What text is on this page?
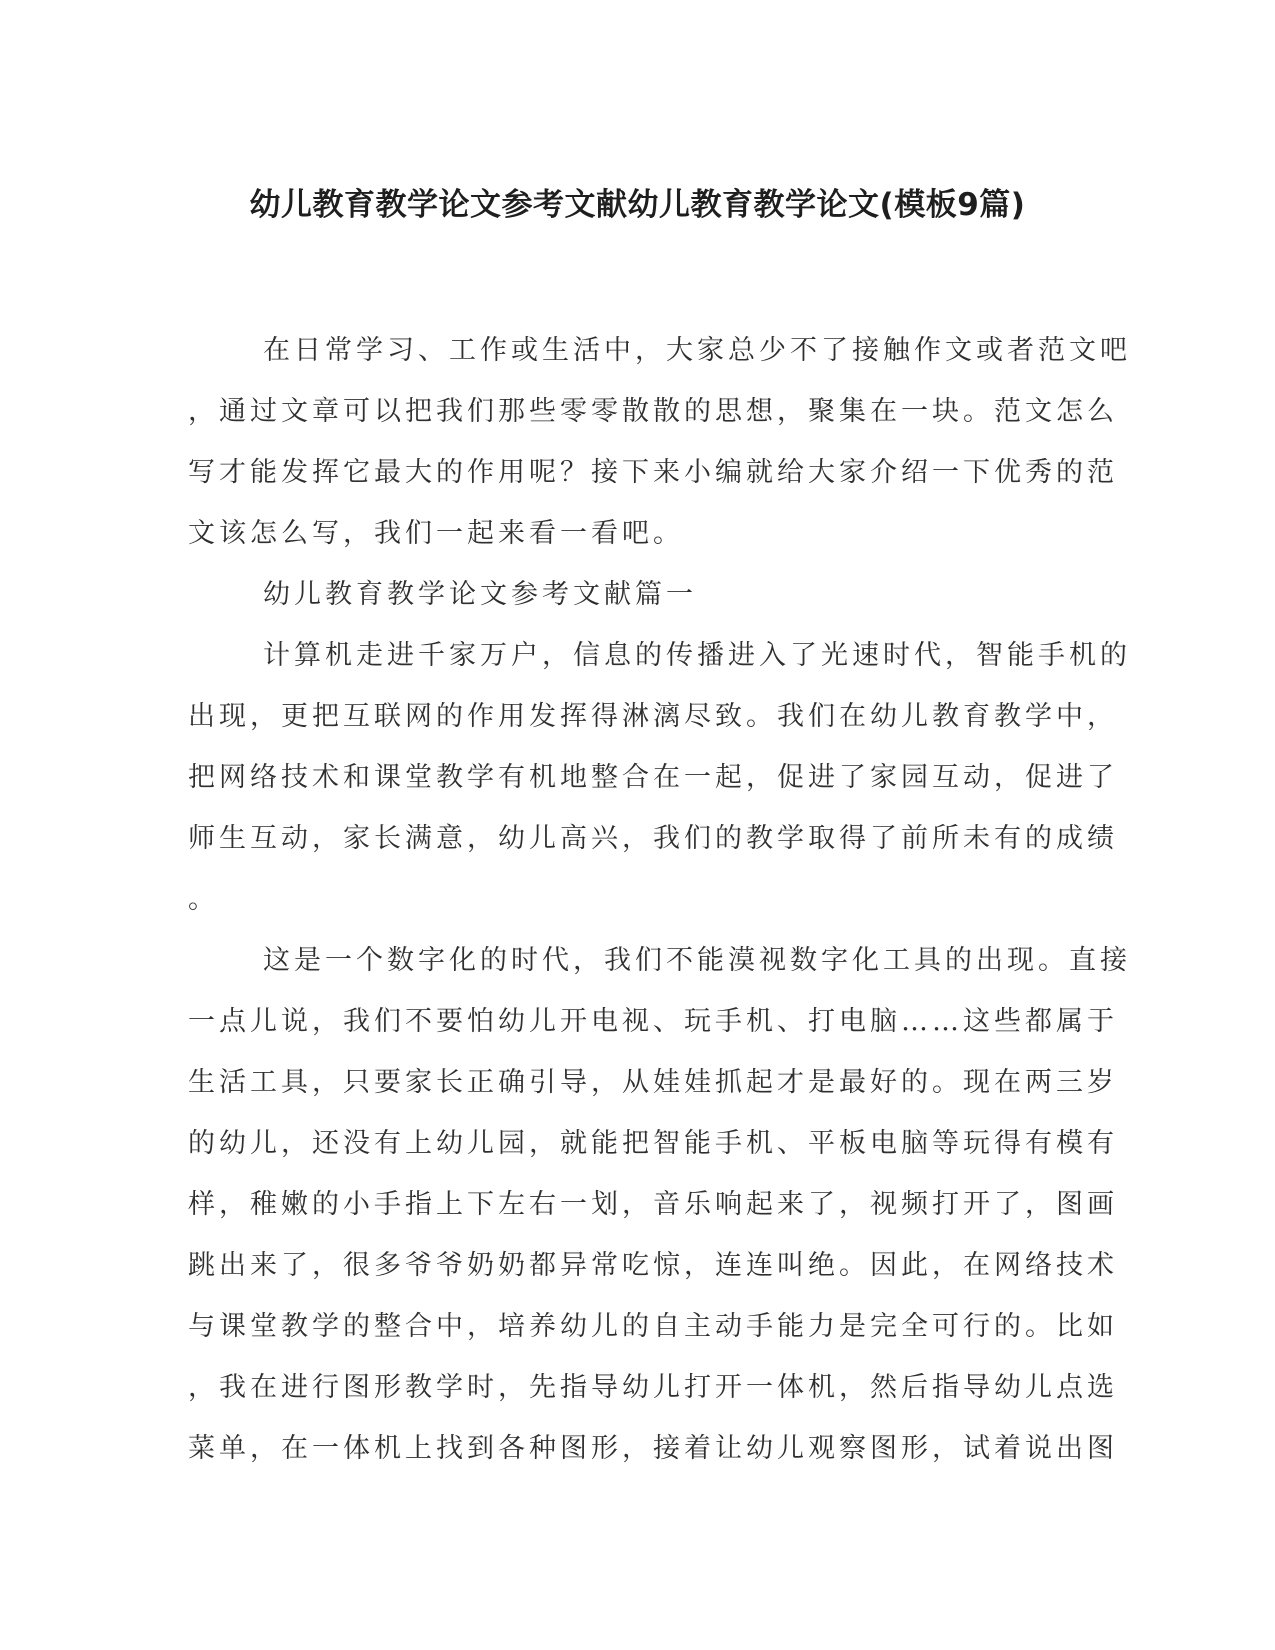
幼儿教育教学论文参考文献幼儿教育教学论文(模板9篇)
在日常学习、工作或生活中，大家总少不了接触作文或者范文吧
，通过文章可以把我们那些零零散散的思想，聚集在一块。范文怎么
写才能发挥它最大的作用呢？接下来小编就给大家介绍一下优秀的范
文该怎么写，我们一起来看一看吧。
幼儿教育教学论文参考文献篇一
计算机走进千家万户，信息的传播进入了光速时代，智能手机的
出现，更把互联网的作用发挥得淋漓尽致。我们在幼儿教育教学中，
把网络技术和课堂教学有机地整合在一起，促进了家园互动，促进了
师生互动，家长满意，幼儿高兴，我们的教学取得了前所未有的成绩
。
这是一个数字化的时代，我们不能漠视数字化工具的出现。直接
一点儿说，我们不要怕幼儿开电视、玩手机、打电脑……这些都属于
生活工具，只要家长正确引导，从娃娃抓起才是最好的。现在两三岁
的幼儿，还没有上幼儿园，就能把智能手机、平板电脑等玩得有模有
样，稚嫩的小手指上下左右一划，音乐响起来了，视频打开了，图画
跳出来了，很多爷爷奶奶都异常吃惊，连连叫绝。因此，在网络技术
与课堂教学的整合中，培养幼儿的自主动手能力是完全可行的。比如
，我在进行图形教学时，先指导幼儿打开一体机，然后指导幼儿点选
菜单，在一体机上找到各种图形，接着让幼儿观察图形，试着说出图
